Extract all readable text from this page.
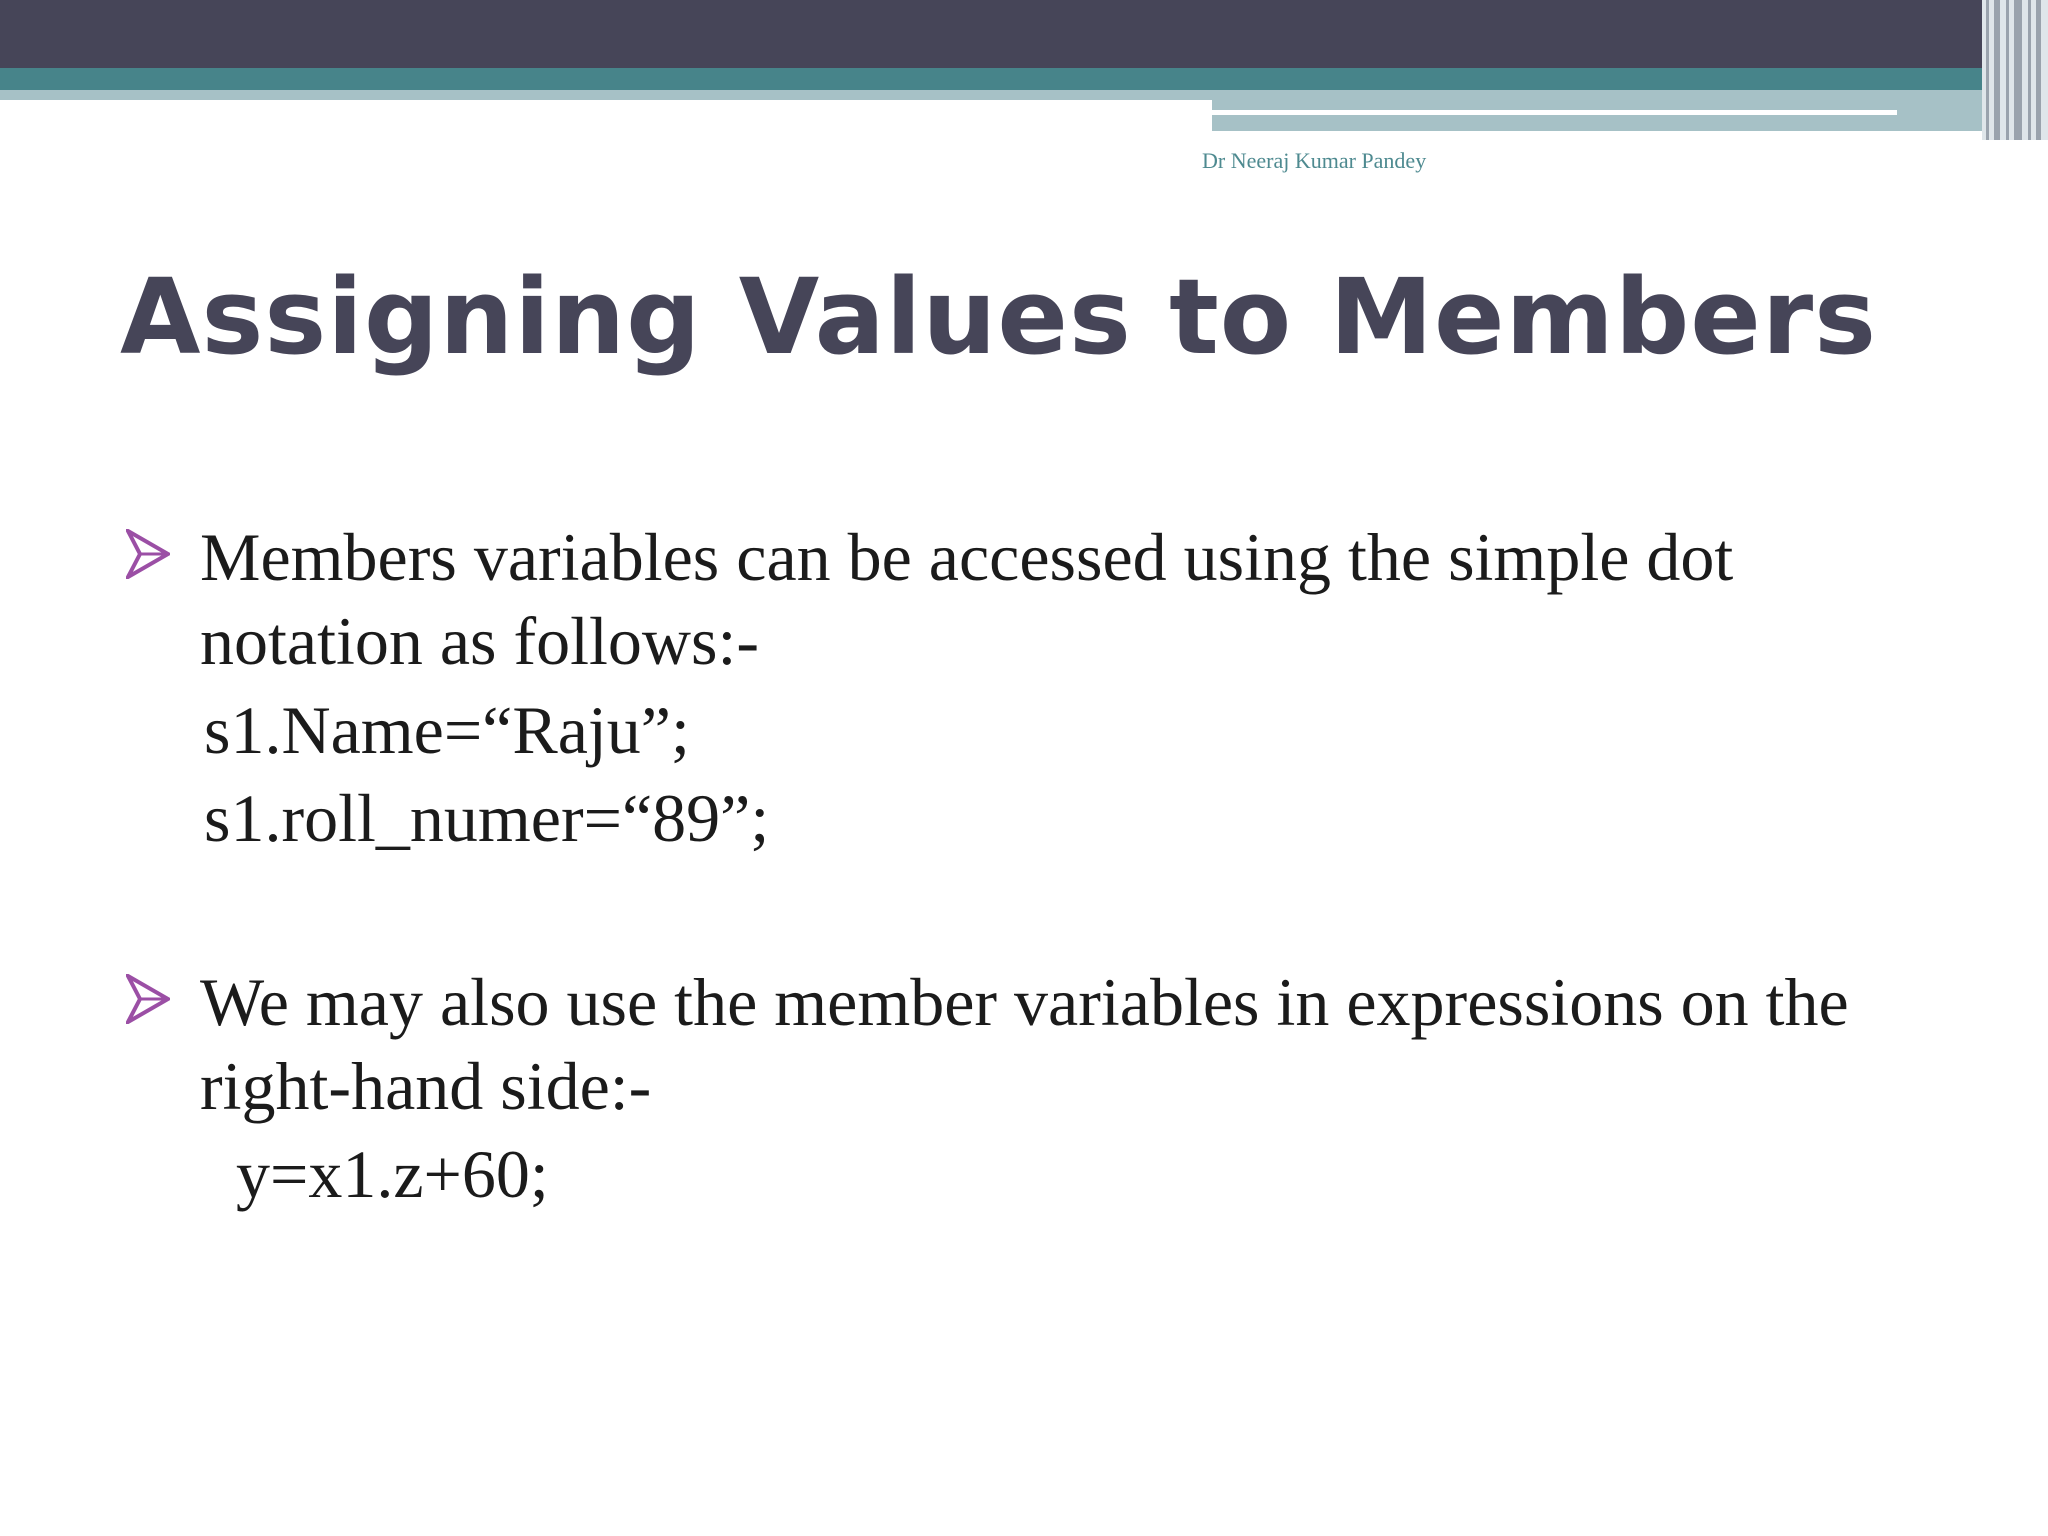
Dr Neeraj Kumar Pandey
Assigning Values to Members
Members variables can be accessed using the simple dot notation as follows:-
s1.Name=“Raju”;
s1.roll_numer=“89”;
We may also use the member variables in expressions on the right-hand side:-
y=x1.z+60;
